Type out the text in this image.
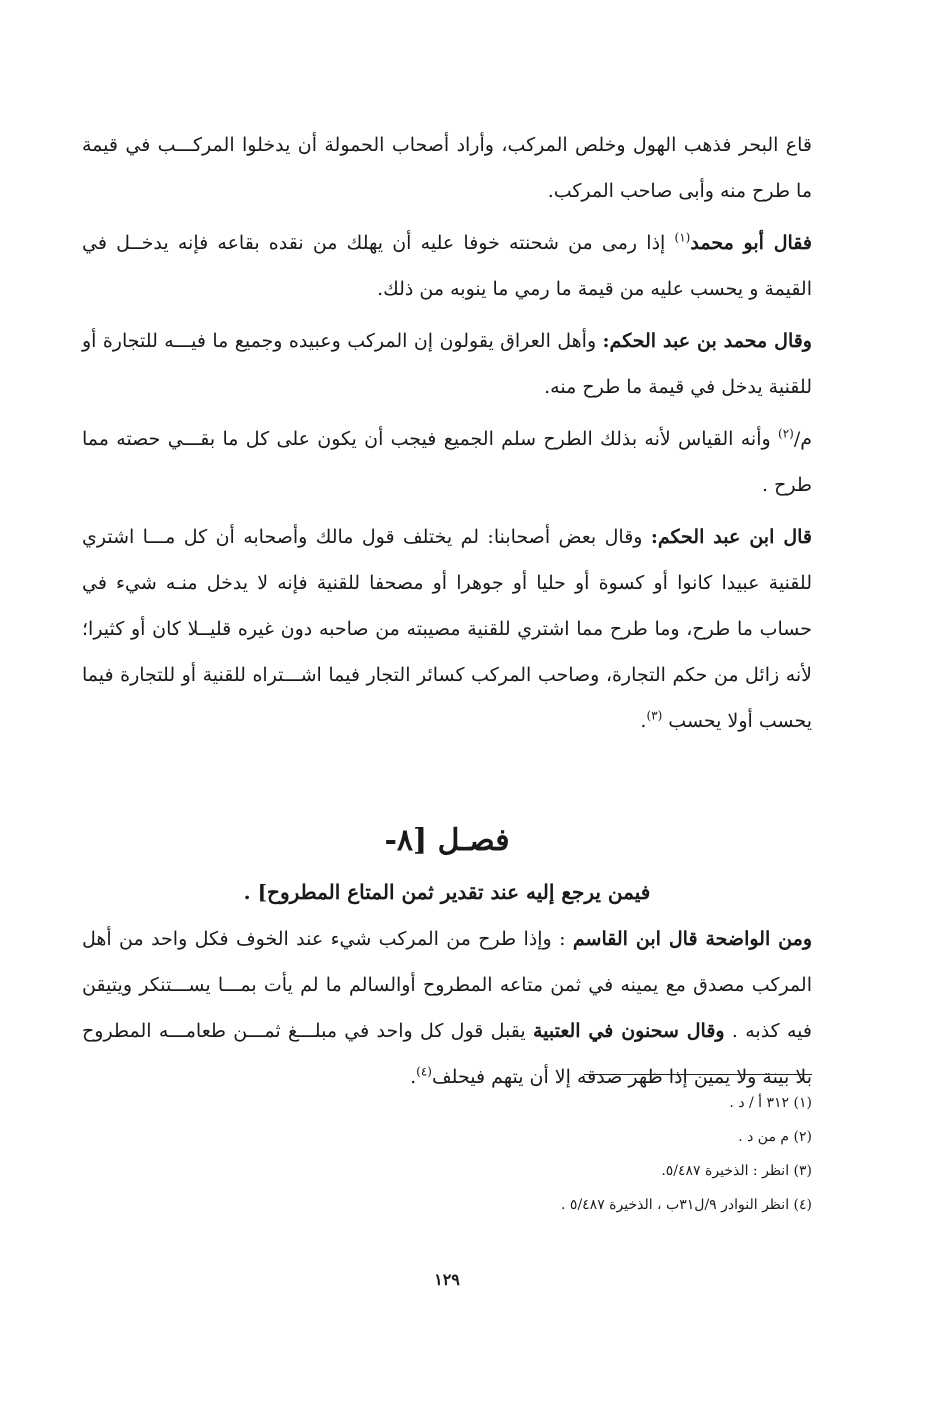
قاع البحر فذهب الهول وخلص المركب، وأراد أصحاب الحمولة أن يدخلوا المركـــب في قيمة ما طرح منه وأبى صاحب المركب.

فقال أبو محمد$^{(١)}$ إذا رمى من شحنته خوفا عليه أن يهلك من نقده بقاعه فإنه يدخــل في القيمة و يحسب عليه من قيمة ما رمي ما ينوبه من ذلك.

وقال محمد بن عبد الحكم: وأهل العراق يقولون إن المركب وعبيده وجميع ما فيـــه للتجارة أو للقنية يدخل في قيمة ما طرح منه.

م/$^{(٢)}$ وأنه القياس لأنه بذلك الطرح سلم الجميع فيجب أن يكون على كل ما بقـــي حصته مما طرح .

قال ابن عبد الحكم: وقال بعض أصحابنا: لم يختلف قول مالك وأصحابه أن كل مـــا اشتري للقنية عبيدا كانوا أو كسوة أو حليا أو جوهرا أو مصحفا للقنية فإنه لا يدخل منـه شيء في حساب ما طرح، وما طرح مما اشتري للقنية مصيبته من صاحبه دون غيره قليــلا كان أو كثيرا؛ لأنه زائل من حكم التجارة، وصاحب المركب كسائر التجار فيما اشـــتراه للقنية أو للتجارة فيما يحسب أولا يحسب $^{(٣)}$.

فصـل [٨-
فيمن يرجع إليه عند تقدير ثمن المتاع المطروح] .

ومن الواضحة قال ابن القاسم : وإذا طرح من المركب شيء عند الخوف فكل واحد من أهل المركب مصدق مع يمينه في ثمن متاعه المطروح أوالسالم ما لم يأت بمـــا يســـتنكر ويتيقن فيه كذبه . وقال سحنون في العتبية يقبل قول كل واحد في مبلـــغ ثمـــن طعامـــه المطروح بلا بينة ولا يمين إذا ظهر صدقه إلا أن يتهم فيحلف$^{(٤)}$.

(١) ٣١٢ أ / د .

(٢) م من د .

(٣) انظر : الذخيرة ٥/٤٨٧.

(٤) انظر النوادر ٩/ل٣١ب ، الذخيرة ٥/٤٨٧ .

١٢٩
